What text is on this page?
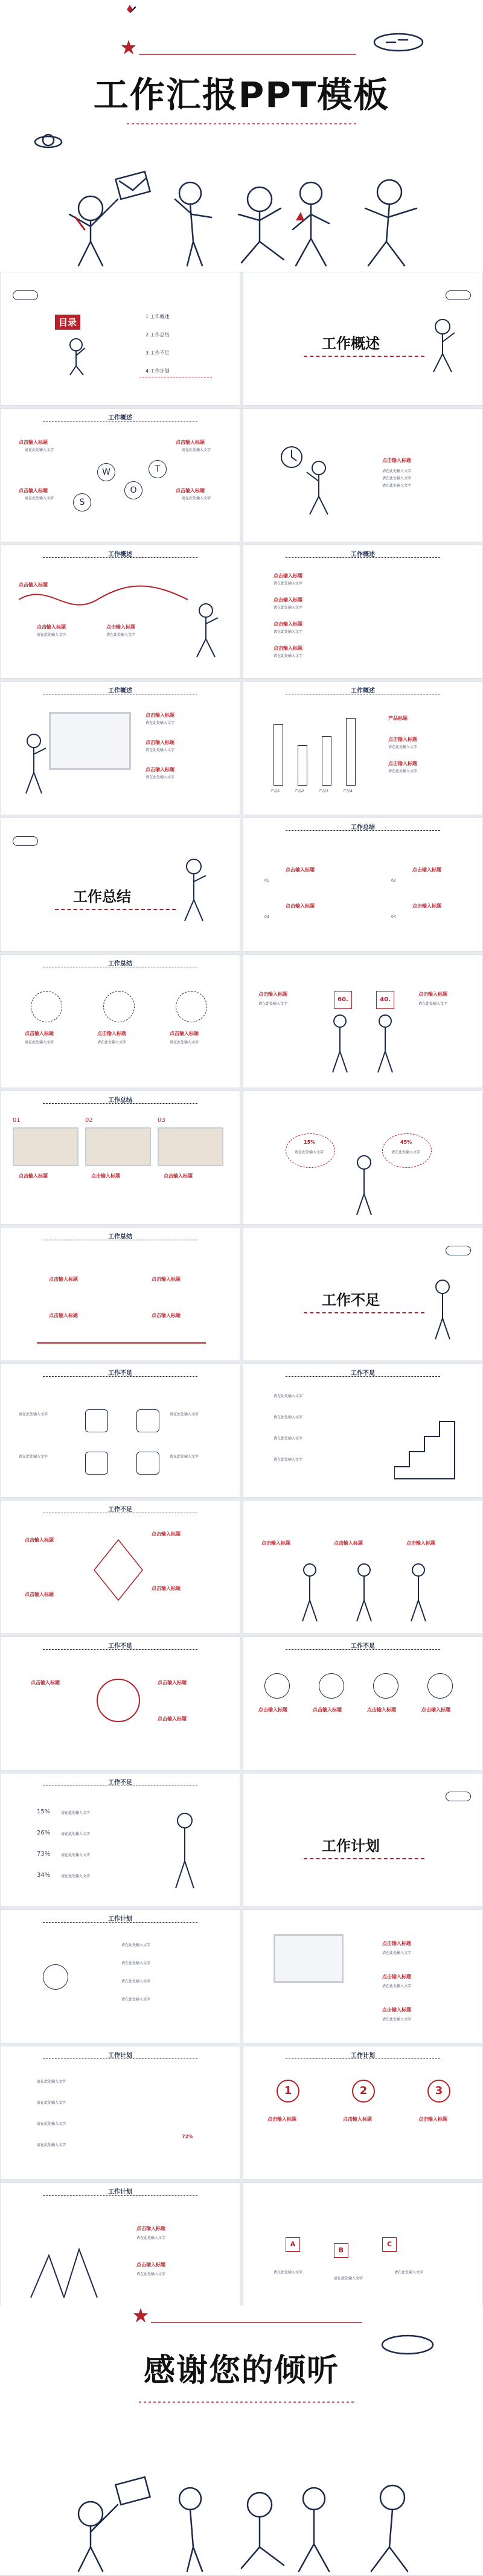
工作汇报PPT模板
目录
1 工作概述
2 工作总结
3 工作不足
4 工作计划
工作概述
工作概述
点击输入标题
点击输入标题
点击输入标题
点击输入标题
请在此处输入文字
请在此处输入文字
请在此处输入文字
请在此处输入文字
S
W
O
T
点击输入标题
请在此处输入文字
请在此处输入文字
请在此处输入文字
工作概述
点击输入标题
点击输入标题	点击输入标题
请在此处输入文字	请在此处输入文字
工作概述
点击输入标题
点击输入标题
点击输入标题
点击输入标题
请在此处输入文字
请在此处输入文字
请在此处输入文字
请在此处输入文字
工作概述
点击输入标题
点击输入标题
点击输入标题
请在此处输入文字
请在此处输入文字
请在此处输入文字
工作概述
产品1	产品2	产品3	产品4
产品标题
点击输入标题
点击输入标题
请在此处输入文字
请在此处输入文字
工作总结
工作总结
点击输入标题
点击输入标题
点击输入标题
点击输入标题
01	02
03	04
工作总结
点击输入标题	点击输入标题	点击输入标题
请在此处输入文字	请在此处输入文字	请在此处输入文字
点击输入标题	点击输入标题
请在此处输入文字	请在此处输入文字
60.	40.
工作总结
01	02	03
点击输入标题	点击输入标题	点击输入标题
15%	45%
请在此处输入文字	请在此处输入文字
工作总结
点击输入标题	点击输入标题
点击输入标题	点击输入标题
工作不足
工作不足
请在此处输入文字
请在此处输入文字
请在此处输入文字
请在此处输入文字
工作不足
请在此处输入文字
请在此处输入文字
请在此处输入文字
请在此处输入文字
工作不足
点击输入标题
点击输入标题
点击输入标题
点击输入标题
点击输入标题	点击输入标题	点击输入标题
工作不足
点击输入标题	点击输入标题
点击输入标题
工作不足
点击输入标题	点击输入标题	点击输入标题	点击输入标题
工作不足
15%
26%
73%
34%
请在此处输入文字
请在此处输入文字
请在此处输入文字
请在此处输入文字
工作计划
工作计划
请在此处输入文字
请在此处输入文字
请在此处输入文字
请在此处输入文字
点击输入标题
点击输入标题
点击输入标题
请在此处输入文字
请在此处输入文字
请在此处输入文字
工作计划
请在此处输入文字
请在此处输入文字
请在此处输入文字
请在此处输入文字
72%
工作计划
1	2	3
点击输入标题	点击输入标题	点击输入标题
工作计划
点击输入标题
点击输入标题
请在此处输入文字
请在此处输入文字
A
B
C
请在此处输入文字
请在此处输入文字
请在此处输入文字
感谢您的倾听
